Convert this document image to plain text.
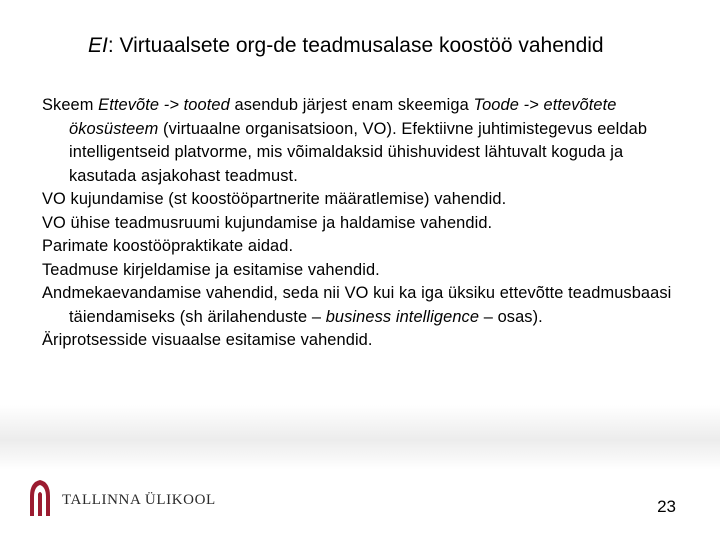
EI: Virtuaalsete org-de teadmusalase koostöö vahendid

Skeem Ettevõte -> tooted asendub järjest enam skeemiga Toode -> ettevõtete ökosüsteem (virtuaalne organisatsioon, VO). Efektiivne juhtimistegevus eeldab intelligentseid platvorme, mis võimaldaksid ühishuvidest lähtuvalt koguda ja kasutada asjakohast teadmust.

VO kujundamise (st koostööpartnerite määratlemise) vahendid.

VO ühise teadmusruumi kujundamise ja haldamise vahendid.

Parimate koostööpraktikate aidad.

Teadmuse kirjeldamise ja esitamise vahendid.

Andmekaevandamise vahendid, seda nii VO kui ka iga üksiku ettevõtte teadmusbaasi täiendamiseks (sh ärilahenduste – business intelligence – osas).

Äriprotsesside visuaalse esitamise vahendid.

TALLINNA ÜLIKOOL	23
